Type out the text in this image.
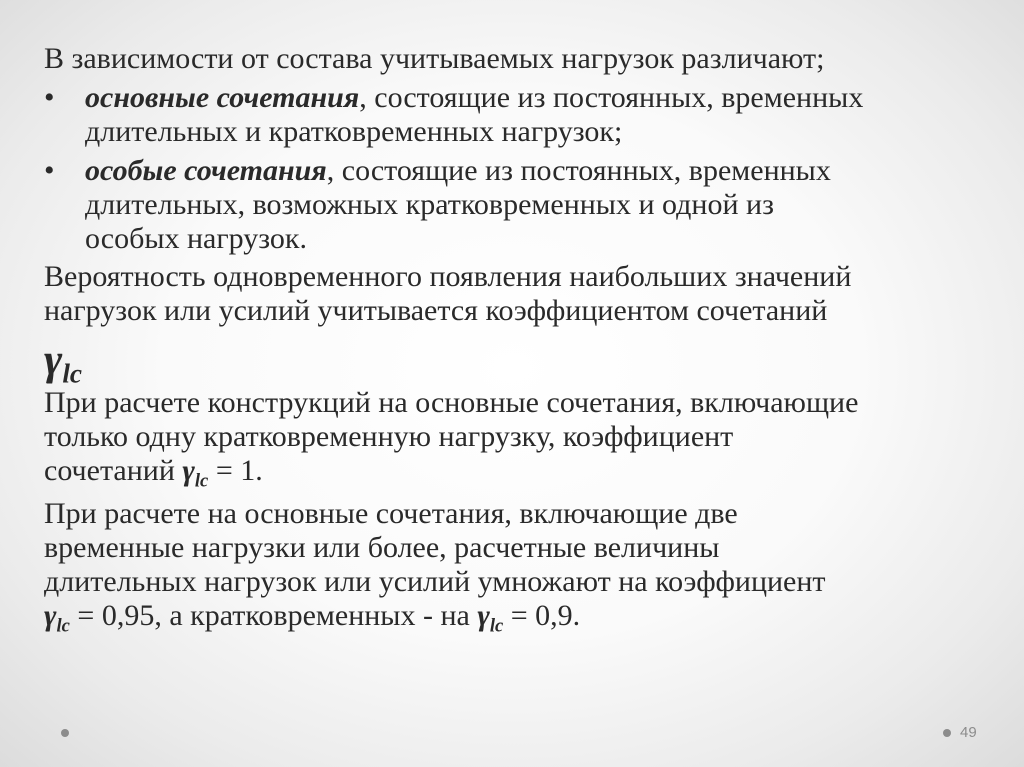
В зависимости от состава учитываемых нагрузок различают;

• основные сочетания, состоящие из постоянных, временных
длительных и кратковременных нагрузок;
• особые сочетания, состоящие из постоянных, временных
длительных, возможных кратковременных и одной из
особых нагрузок.

Вероятность одновременного появления наибольших значений

нагрузок или усилий учитывается коэффициентом сочетаний

$\gamma_{lc}$

При расчете конструкций на основные сочетания, включающие

только одну кратковременную нагрузку, коэффициент

сочетаний $\gamma_{lc} = 1$.

При расчете на основные сочетания, включающие две

временные нагрузки или более, расчетные величины

длительных нагрузок или усилий умножают на коэффициент

$\gamma_{lc} = 0,95$, а кратковременных - на $\gamma_{lc} = 0,9$.

49
